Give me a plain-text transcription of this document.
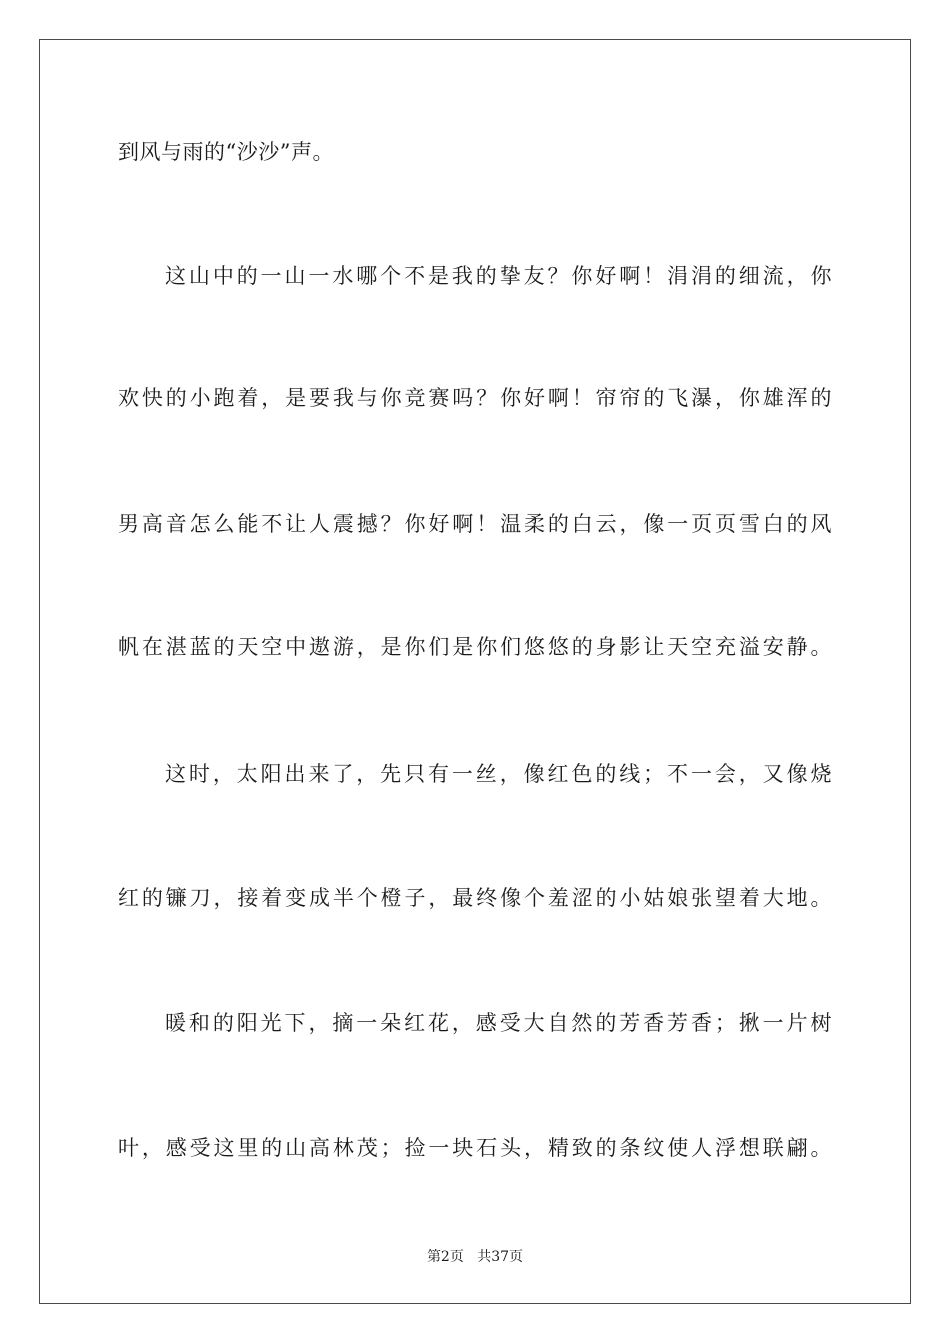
到风与雨的“沙沙”声。
这山中的一山一水哪个不是我的挚友？你好啊！涓涓的细流，你
欢快的小跑着，是要我与你竞赛吗？你好啊！帘帘的飞瀑，你雄浑的
男高音怎么能不让人震撼？你好啊！温柔的白云，像一页页雪白的风
帆在湛蓝的天空中遨游，是你们是你们悠悠的身影让天空充溢安静。
这时，太阳出来了，先只有一丝，像红色的线；不一会，又像烧
红的镰刀，接着变成半个橙子，最终像个羞涩的小姑娘张望着大地。
暖和的阳光下，摘一朵红花，感受大自然的芳香芳香；揪一片树
叶，感受这里的山高林茂；捡一块石头，精致的条纹使人浮想联翩。
第2页 共37页
